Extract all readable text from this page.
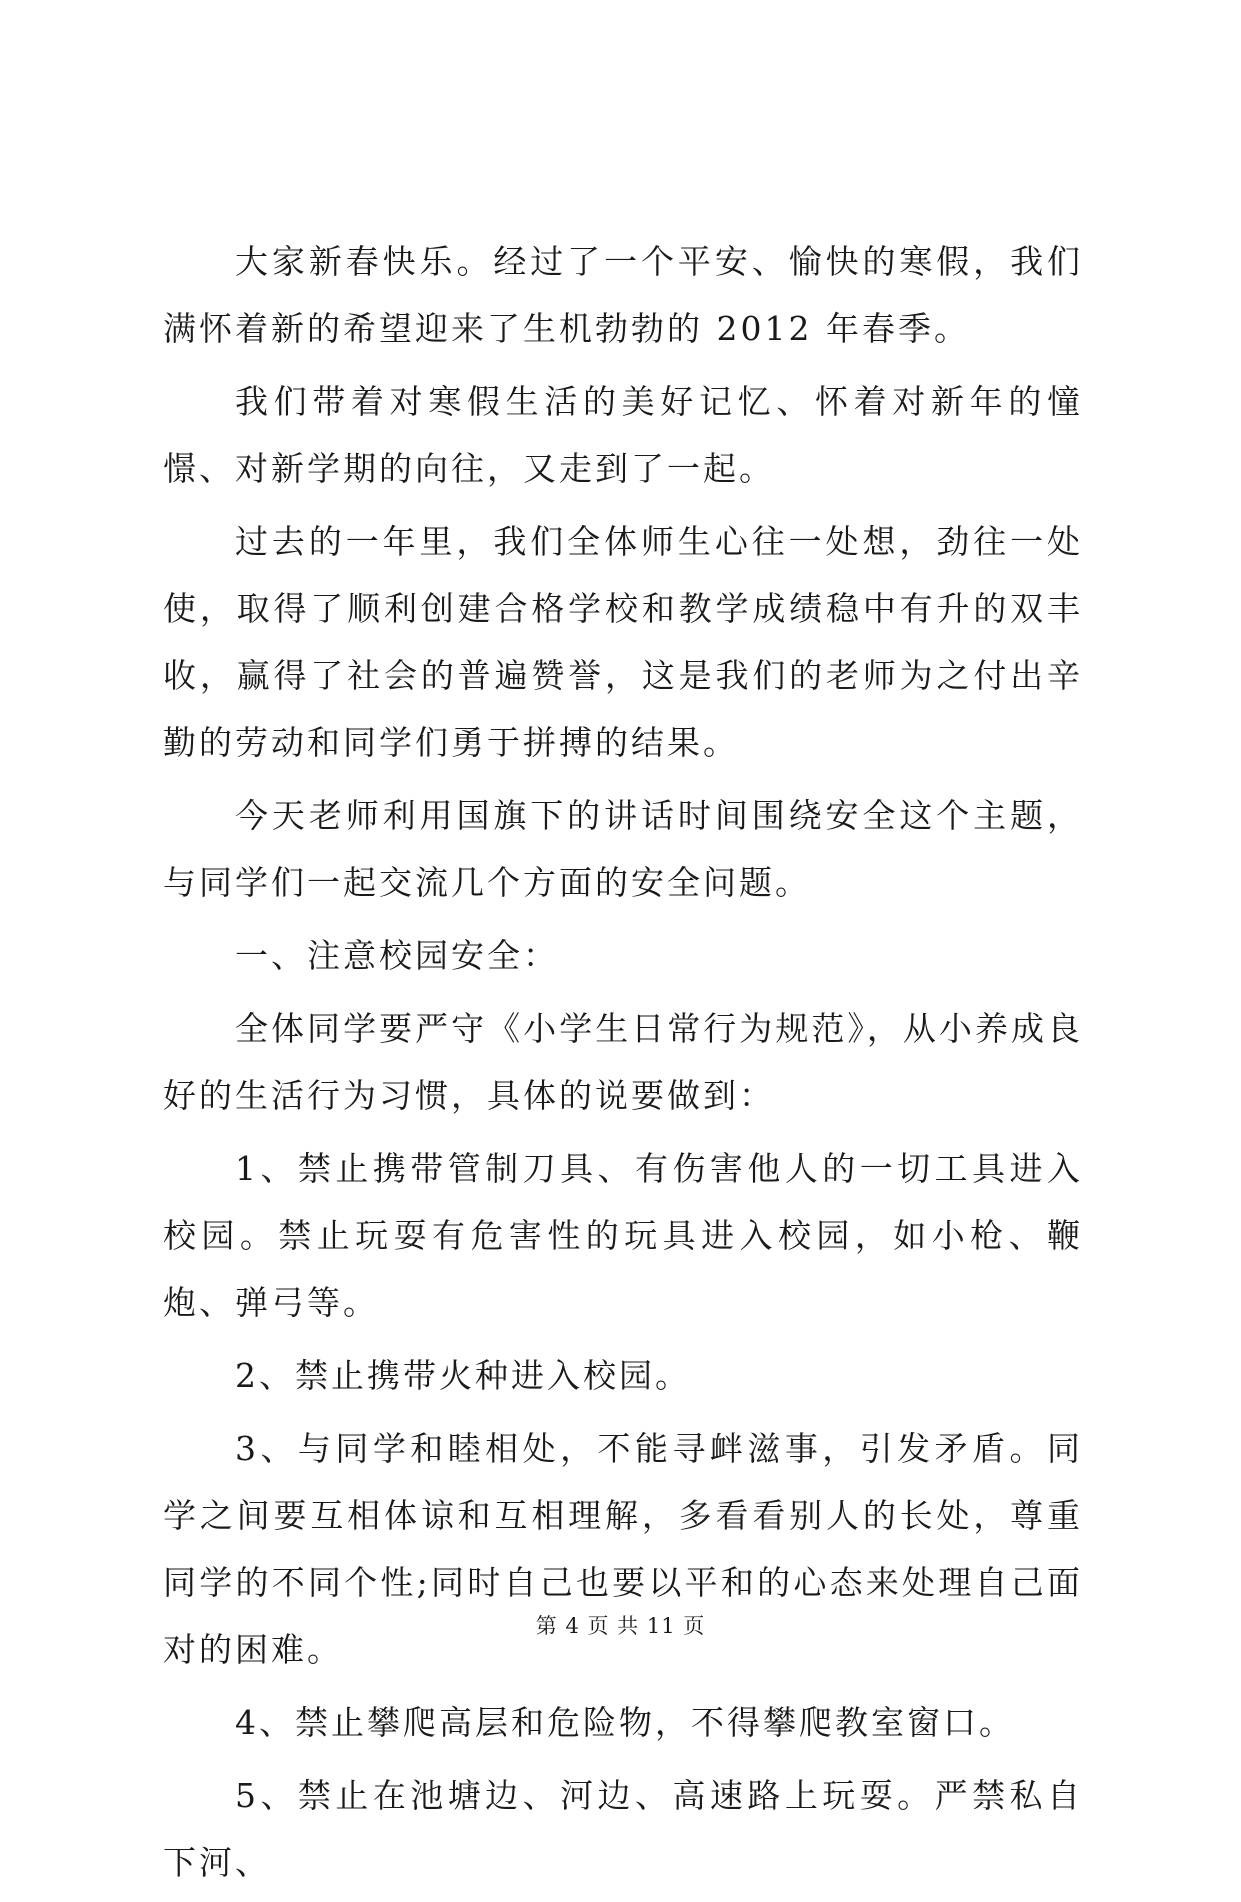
大家新春快乐。经过了一个平安、愉快的寒假，我们满怀着新的希望迎来了生机勃勃的 2012 年春季。

我们带着对寒假生活的美好记忆、怀着对新年的憧憬、对新学期的向往，又走到了一起。

过去的一年里，我们全体师生心往一处想，劲往一处使，取得了顺利创建合格学校和教学成绩稳中有升的双丰收，赢得了社会的普遍赞誉，这是我们的老师为之付出辛勤的劳动和同学们勇于拼搏的结果。

今天老师利用国旗下的讲话时间围绕安全这个主题，与同学们一起交流几个方面的安全问题。

一、注意校园安全：

全体同学要严守《小学生日常行为规范》，从小养成良好的生活行为习惯，具体的说要做到：

1、禁止携带管制刀具、有伤害他人的一切工具进入校园。禁止玩耍有危害性的玩具进入校园，如小枪、鞭炮、弹弓等。

2、禁止携带火种进入校园。

3、与同学和睦相处，不能寻衅滋事，引发矛盾。同学之间要互相体谅和互相理解，多看看别人的长处，尊重同学的不同个性;同时自己也要以平和的心态来处理自己面对的困难。

4、禁止攀爬高层和危险物，不得攀爬教室窗口。

5、禁止在池塘边、河边、高速路上玩耍。严禁私自下河、

第 4 页 共 11 页
